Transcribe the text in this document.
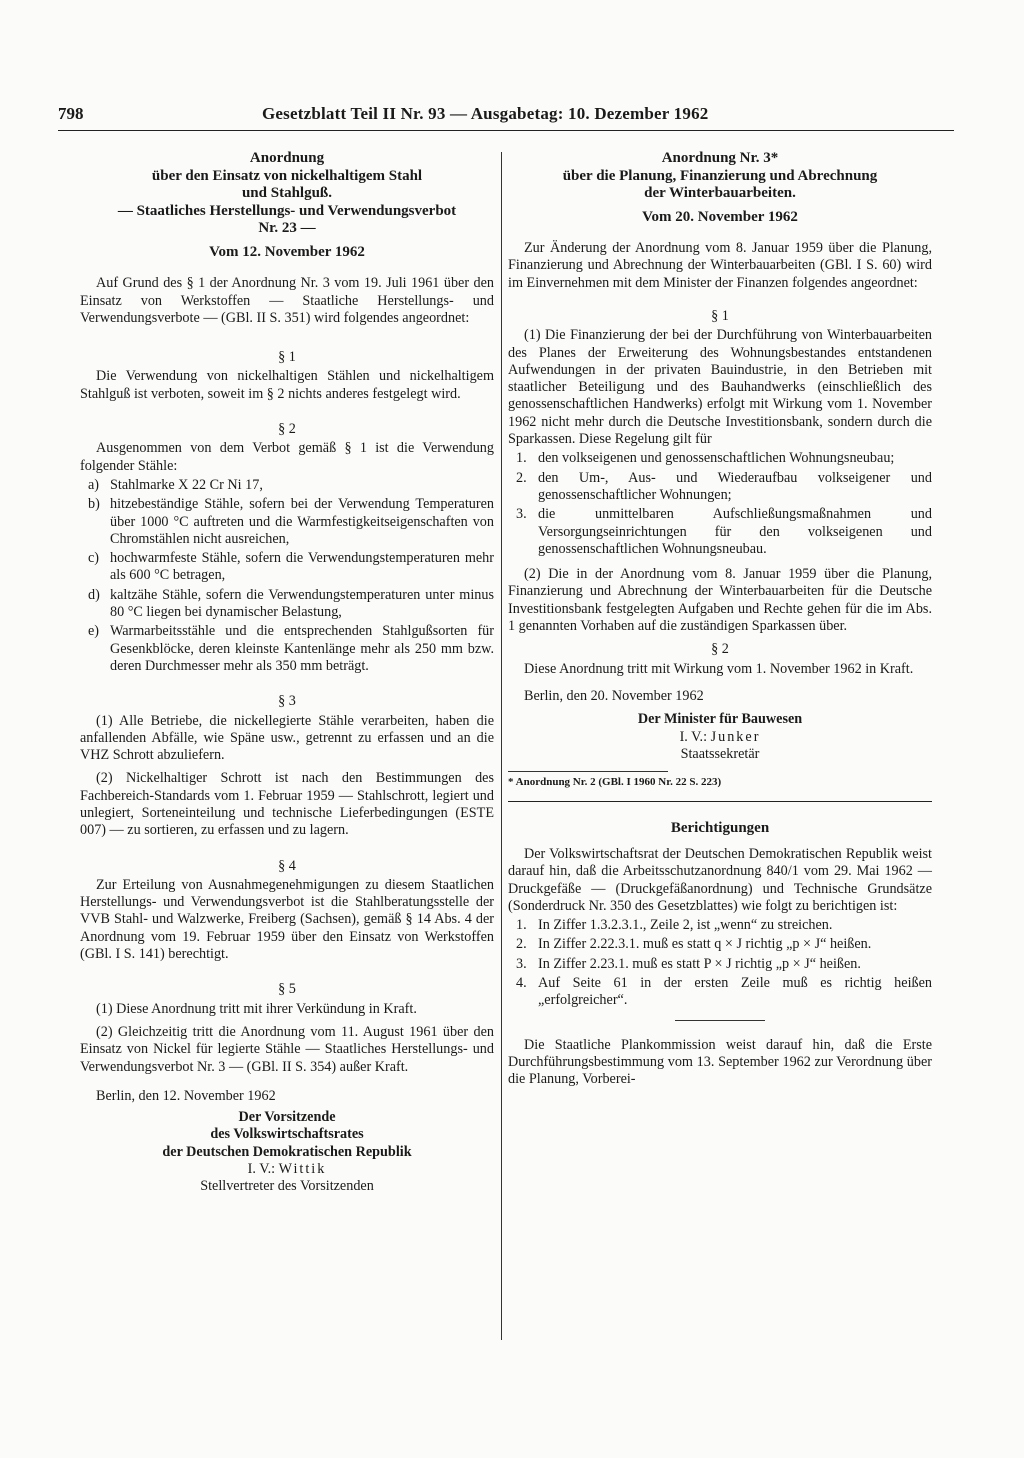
798	Gesetzblatt Teil II Nr. 93 — Ausgabetag: 10. Dezember 1962
Anordnung
über den Einsatz von nickelhaltigem Stahl
und Stahlguß.
— Staatliches Herstellungs- und Verwendungsverbot
Nr. 23 —
Vom 12. November 1962

Auf Grund des § 1 der Anordnung Nr. 3 vom 19. Juli 1961 über den Einsatz von Werkstoffen — Staatliche Herstellungs- und Verwendungsverbote — (GBl. II S. 351) wird folgendes angeordnet:

§ 1

Die Verwendung von nickelhaltigen Stählen und nickelhaltigem Stahlguß ist verboten, soweit im § 2 nichts anderes festgelegt wird.

§ 2

Ausgenommen von dem Verbot gemäß § 1 ist die Verwendung folgender Stähle:

a) Stahlmarke X 22 Cr Ni 17,
b) hitzebeständige Stähle, sofern bei der Verwendung Temperaturen über 1000 °C auftreten und die Warmfestigkeitseigenschaften von Chromstählen nicht ausreichen,
c) hochwarmfeste Stähle, sofern die Verwendungstemperaturen mehr als 600 °C betragen,
d) kaltzähe Stähle, sofern die Verwendungstemperaturen unter minus 80 °C liegen bei dynamischer Belastung,
e) Warmarbeitsstähle und die entsprechenden Stahlgußsorten für Gesenkblöcke, deren kleinste Kantenlänge mehr als 250 mm bzw. deren Durchmesser mehr als 350 mm beträgt.
§ 3

(1) Alle Betriebe, die nickellegierte Stähle verarbeiten, haben die anfallenden Abfälle, wie Späne usw., getrennt zu erfassen und an die VHZ Schrott abzuliefern.

(2) Nickelhaltiger Schrott ist nach den Bestimmungen des Fachbereich-Standards vom 1. Februar 1959 — Stahlschrott, legiert und unlegiert, Sorteneinteilung und technische Lieferbedingungen (ESTE 007) — zu sortieren, zu erfassen und zu lagern.

§ 4

Zur Erteilung von Ausnahmegenehmigungen zu diesem Staatlichen Herstellungs- und Verwendungsverbot ist die Stahlberatungsstelle der VVB Stahl- und Walzwerke, Freiberg (Sachsen), gemäß § 14 Abs. 4 der Anordnung vom 19. Februar 1959 über den Einsatz von Werkstoffen (GBl. I S. 141) berechtigt.

§ 5

(1) Diese Anordnung tritt mit ihrer Verkündung in Kraft.

(2) Gleichzeitig tritt die Anordnung vom 11. August 1961 über den Einsatz von Nickel für legierte Stähle — Staatliches Herstellungs- und Verwendungsverbot Nr. 3 — (GBl. II S. 354) außer Kraft.

Berlin, den 12. November 1962

Der Vorsitzende
des Volkswirtschaftsrates
der Deutschen Demokratischen Republik
I. V.: Wittik
Stellvertreter des Vorsitzenden
Anordnung Nr. 3*
über die Planung, Finanzierung und Abrechnung
der Winterbauarbeiten.
Vom 20. November 1962

Zur Änderung der Anordnung vom 8. Januar 1959 über die Planung, Finanzierung und Abrechnung der Winterbauarbeiten (GBl. I S. 60) wird im Einvernehmen mit dem Minister der Finanzen folgendes angeordnet:

§ 1

(1) Die Finanzierung der bei der Durchführung von Winterbauarbeiten des Planes der Erweiterung des Wohnungsbestandes entstandenen Aufwendungen in der privaten Bauindustrie, in den Betrieben mit staatlicher Beteiligung und des Bauhandwerks (einschließlich des genossenschaftlichen Handwerks) erfolgt mit Wirkung vom 1. November 1962 nicht mehr durch die Deutsche Investitionsbank, sondern durch die Sparkassen. Diese Regelung gilt für

1. den volkseigenen und genossenschaftlichen Wohnungsneubau;
2. den Um-, Aus- und Wiederaufbau volkseigener und genossenschaftlicher Wohnungen;
3. die unmittelbaren Aufschließungsmaßnahmen und Versorgungseinrichtungen für den volkseigenen und genossenschaftlichen Wohnungsneubau.

(2) Die in der Anordnung vom 8. Januar 1959 über die Planung, Finanzierung und Abrechnung der Winterbauarbeiten für die Deutsche Investitionsbank festgelegten Aufgaben und Rechte gehen für die im Abs. 1 genannten Vorhaben auf die zuständigen Sparkassen über.

§ 2

Diese Anordnung tritt mit Wirkung vom 1. November 1962 in Kraft.

Berlin, den 20. November 1962

Der Minister für Bauwesen
I. V.: Junker
Staatssekretär
* Anordnung Nr. 2 (GBl. I 1960 Nr. 22 S. 223)
Berichtigungen

Der Volkswirtschaftsrat der Deutschen Demokratischen Republik weist darauf hin, daß die Arbeitsschutzanordnung 840/1 vom 29. Mai 1962 — Druckgefäße — (Druckgefäßanordnung) und Technische Grundsätze (Sonderdruck Nr. 350 des Gesetzblattes) wie folgt zu berichtigen ist:

1. In Ziffer 1.3.2.3.1., Zeile 2, ist „wenn“ zu streichen.
2. In Ziffer 2.22.3.1. muß es statt q × J richtig „p × J“ heißen.
3. In Ziffer 2.23.1. muß es statt P × J richtig „p × J“ heißen.
4. Auf Seite 61 in der ersten Zeile muß es richtig heißen „erfolgreicher“.

Die Staatliche Plankommission weist darauf hin, daß die Erste Durchführungsbestimmung vom 13. September 1962 zur Verordnung über die Planung, Vorberei-
